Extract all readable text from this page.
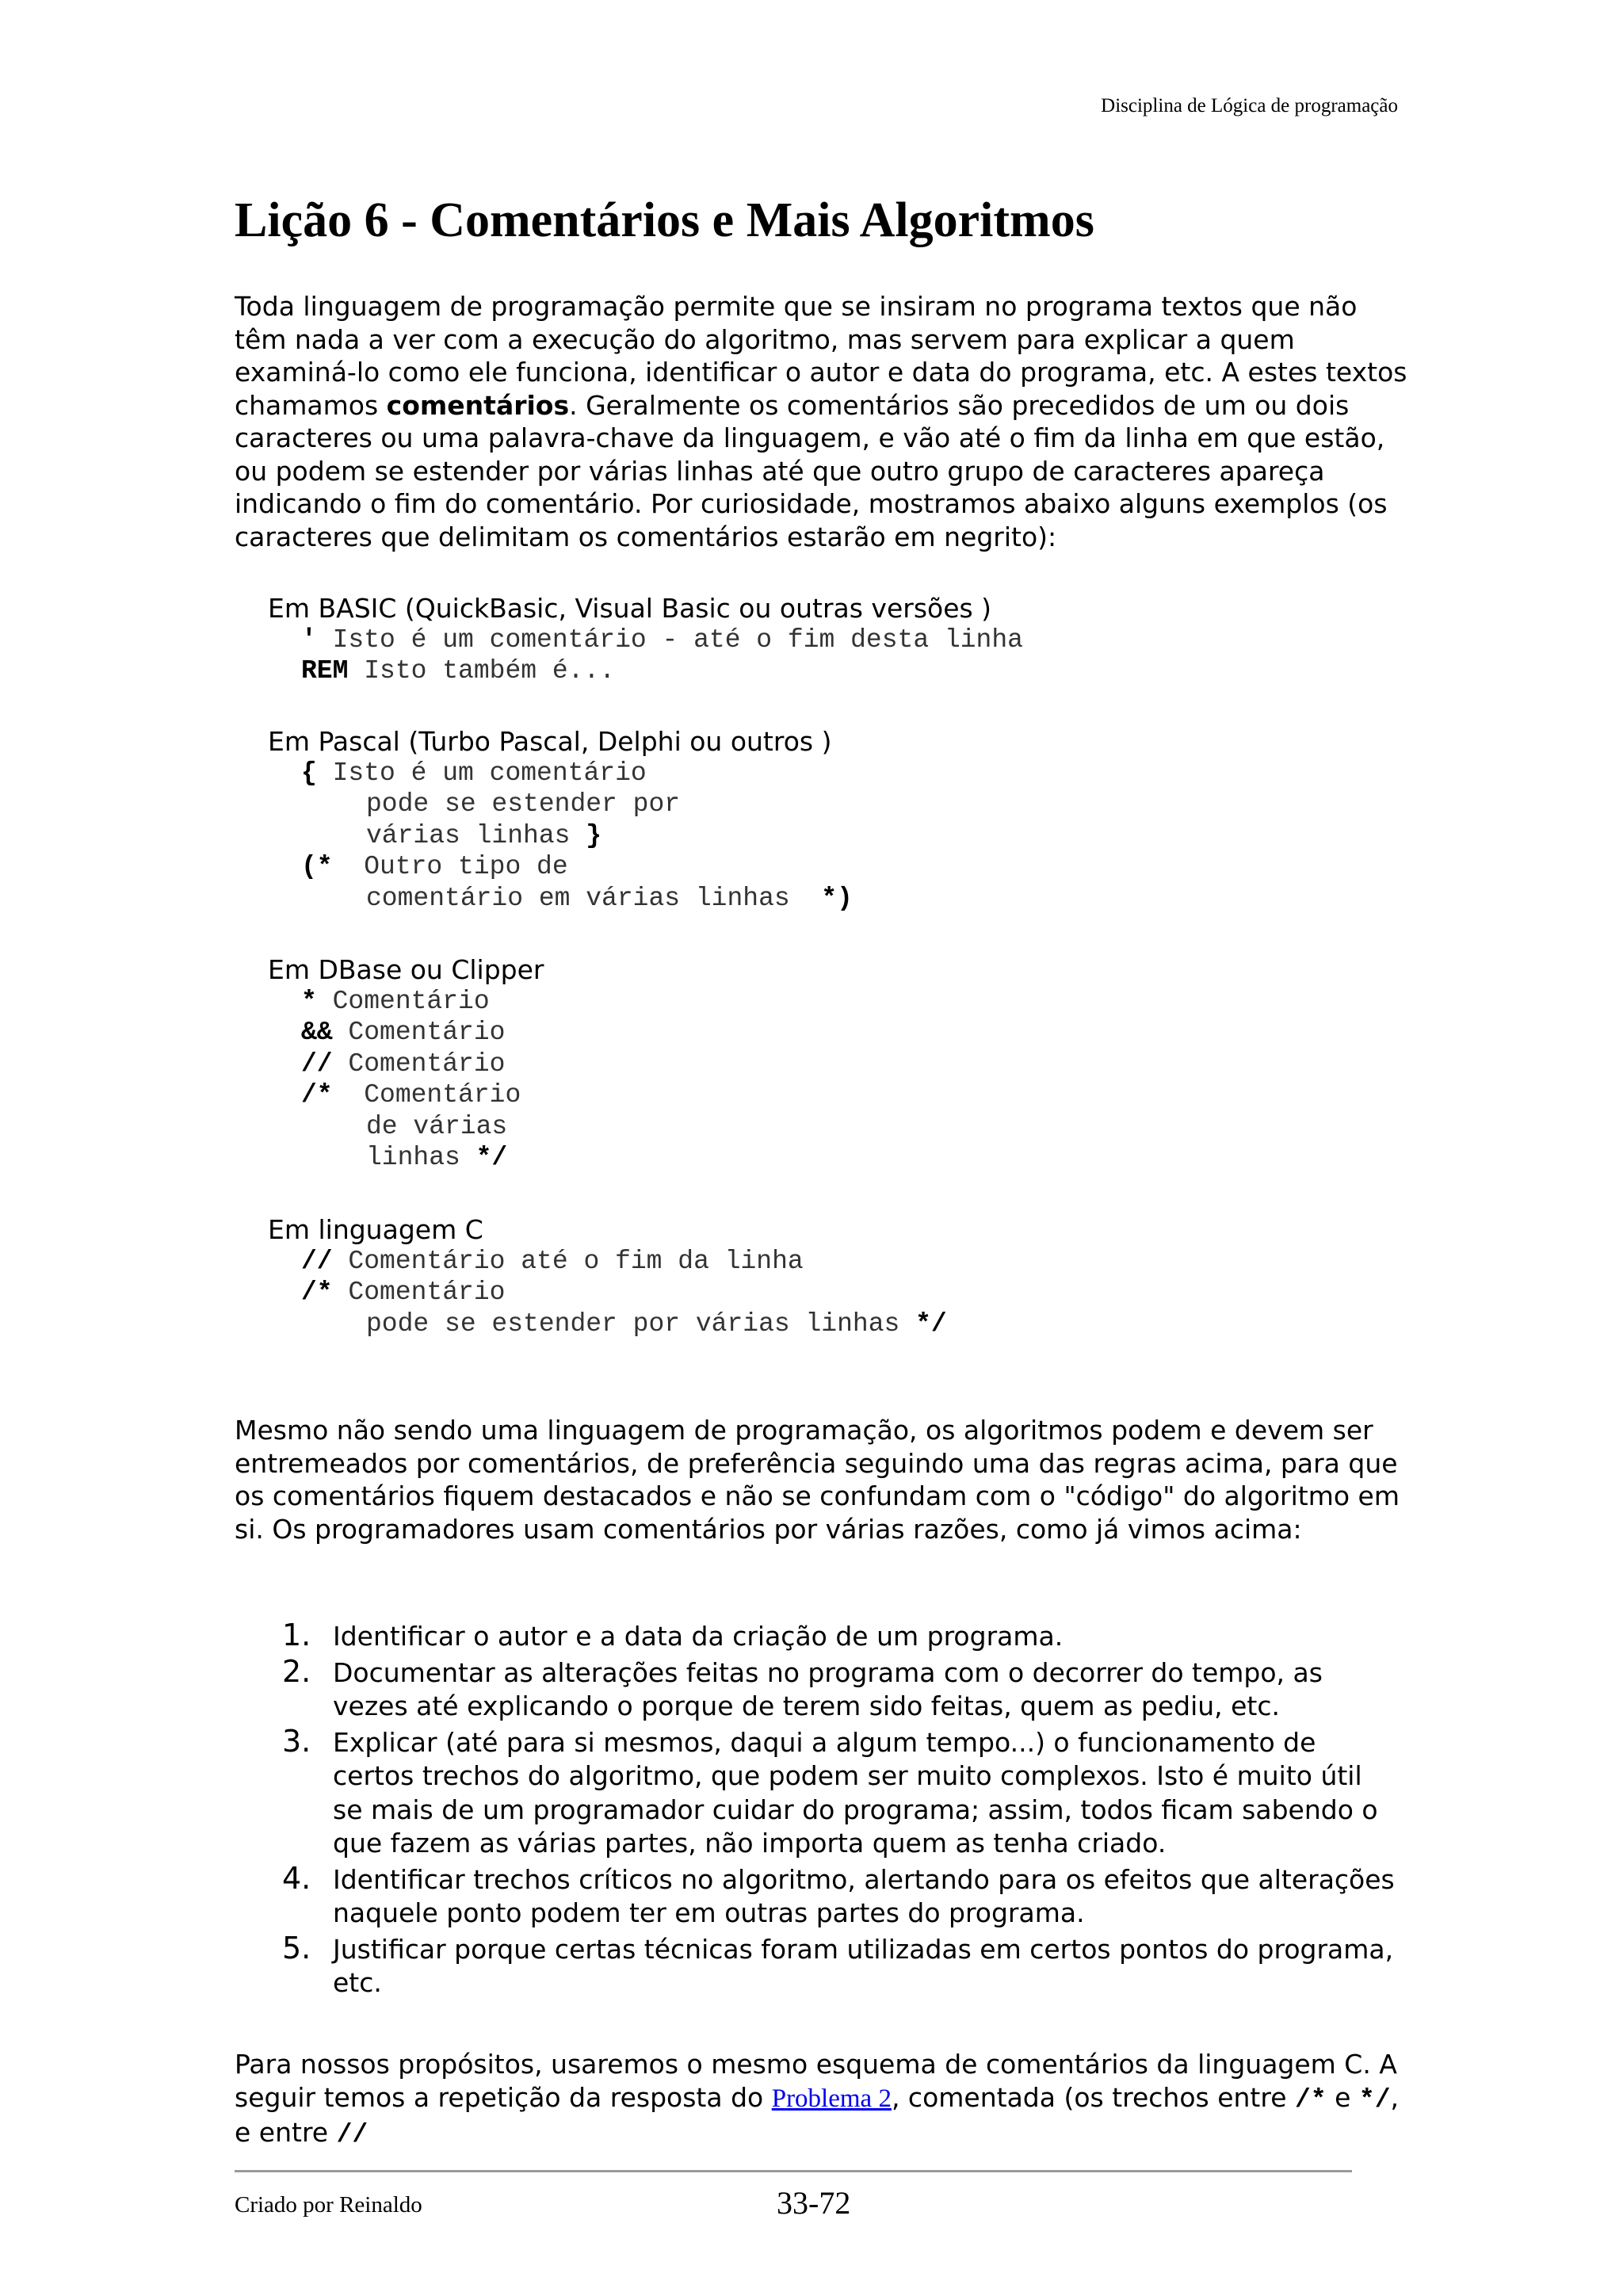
Disciplina de Lógica de programação
Lição 6 - Comentários e Mais Algoritmos

Toda linguagem de programação permite que se insiram no programa textos que não têm nada a ver com a execução do algoritmo, mas servem para explicar a quem examiná-lo como ele funciona, identificar o autor e data do programa, etc. A estes textos chamamos comentários. Geralmente os comentários são precedidos de um ou dois caracteres ou uma palavra-chave da linguagem, e vão até o fim da linha em que estão, ou podem se estender por várias linhas até que outro grupo de caracteres apareça indicando o fim do comentário. Por curiosidade, mostramos abaixo alguns exemplos (os caracteres que delimitam os comentários estarão em negrito):

Em BASIC (QuickBasic, Visual Basic ou outras versões )
' Isto é um comentário - até o fim desta linha
REM Isto também é...
Em Pascal (Turbo Pascal, Delphi ou outros )
{ Isto é um comentário
pode se estender por
várias linhas }
(*  Outro tipo de
comentário em várias linhas  *)
Em DBase ou Clipper
* Comentário
&& Comentário
// Comentário
/*  Comentário
de várias
linhas */
Em linguagem C
// Comentário até o fim da linha
/* Comentário
pode se estender por várias linhas */

Mesmo não sendo uma linguagem de programação, os algoritmos podem e devem ser entremeados por comentários, de preferência seguindo uma das regras acima, para que os comentários fiquem destacados e não se confundam com o "código" do algoritmo em si. Os programadores usam comentários por várias razões, como já vimos acima:

1. Identificar o autor e a data da criação de um programa.
2. Documentar as alterações feitas no programa com o decorrer do tempo, as vezes até explicando o porque de terem sido feitas, quem as pediu, etc.
3. Explicar (até para si mesmos, daqui a algum tempo...) o funcionamento de certos trechos do algoritmo, que podem ser muito complexos. Isto é muito útil se mais de um programador cuidar do programa; assim, todos ficam sabendo o que fazem as várias partes, não importa quem as tenha criado.
4. Identificar trechos críticos no algoritmo, alertando para os efeitos que alterações naquele ponto podem ter em outras partes do programa.
5. Justificar porque certas técnicas foram utilizadas em certos pontos do programa, etc.

Para nossos propósitos, usaremos o mesmo esquema de comentários da linguagem C. A seguir temos a repetição da resposta do Problema 2, comentada (os trechos entre /* e */, e entre //

Criado por Reinaldo	33-72
